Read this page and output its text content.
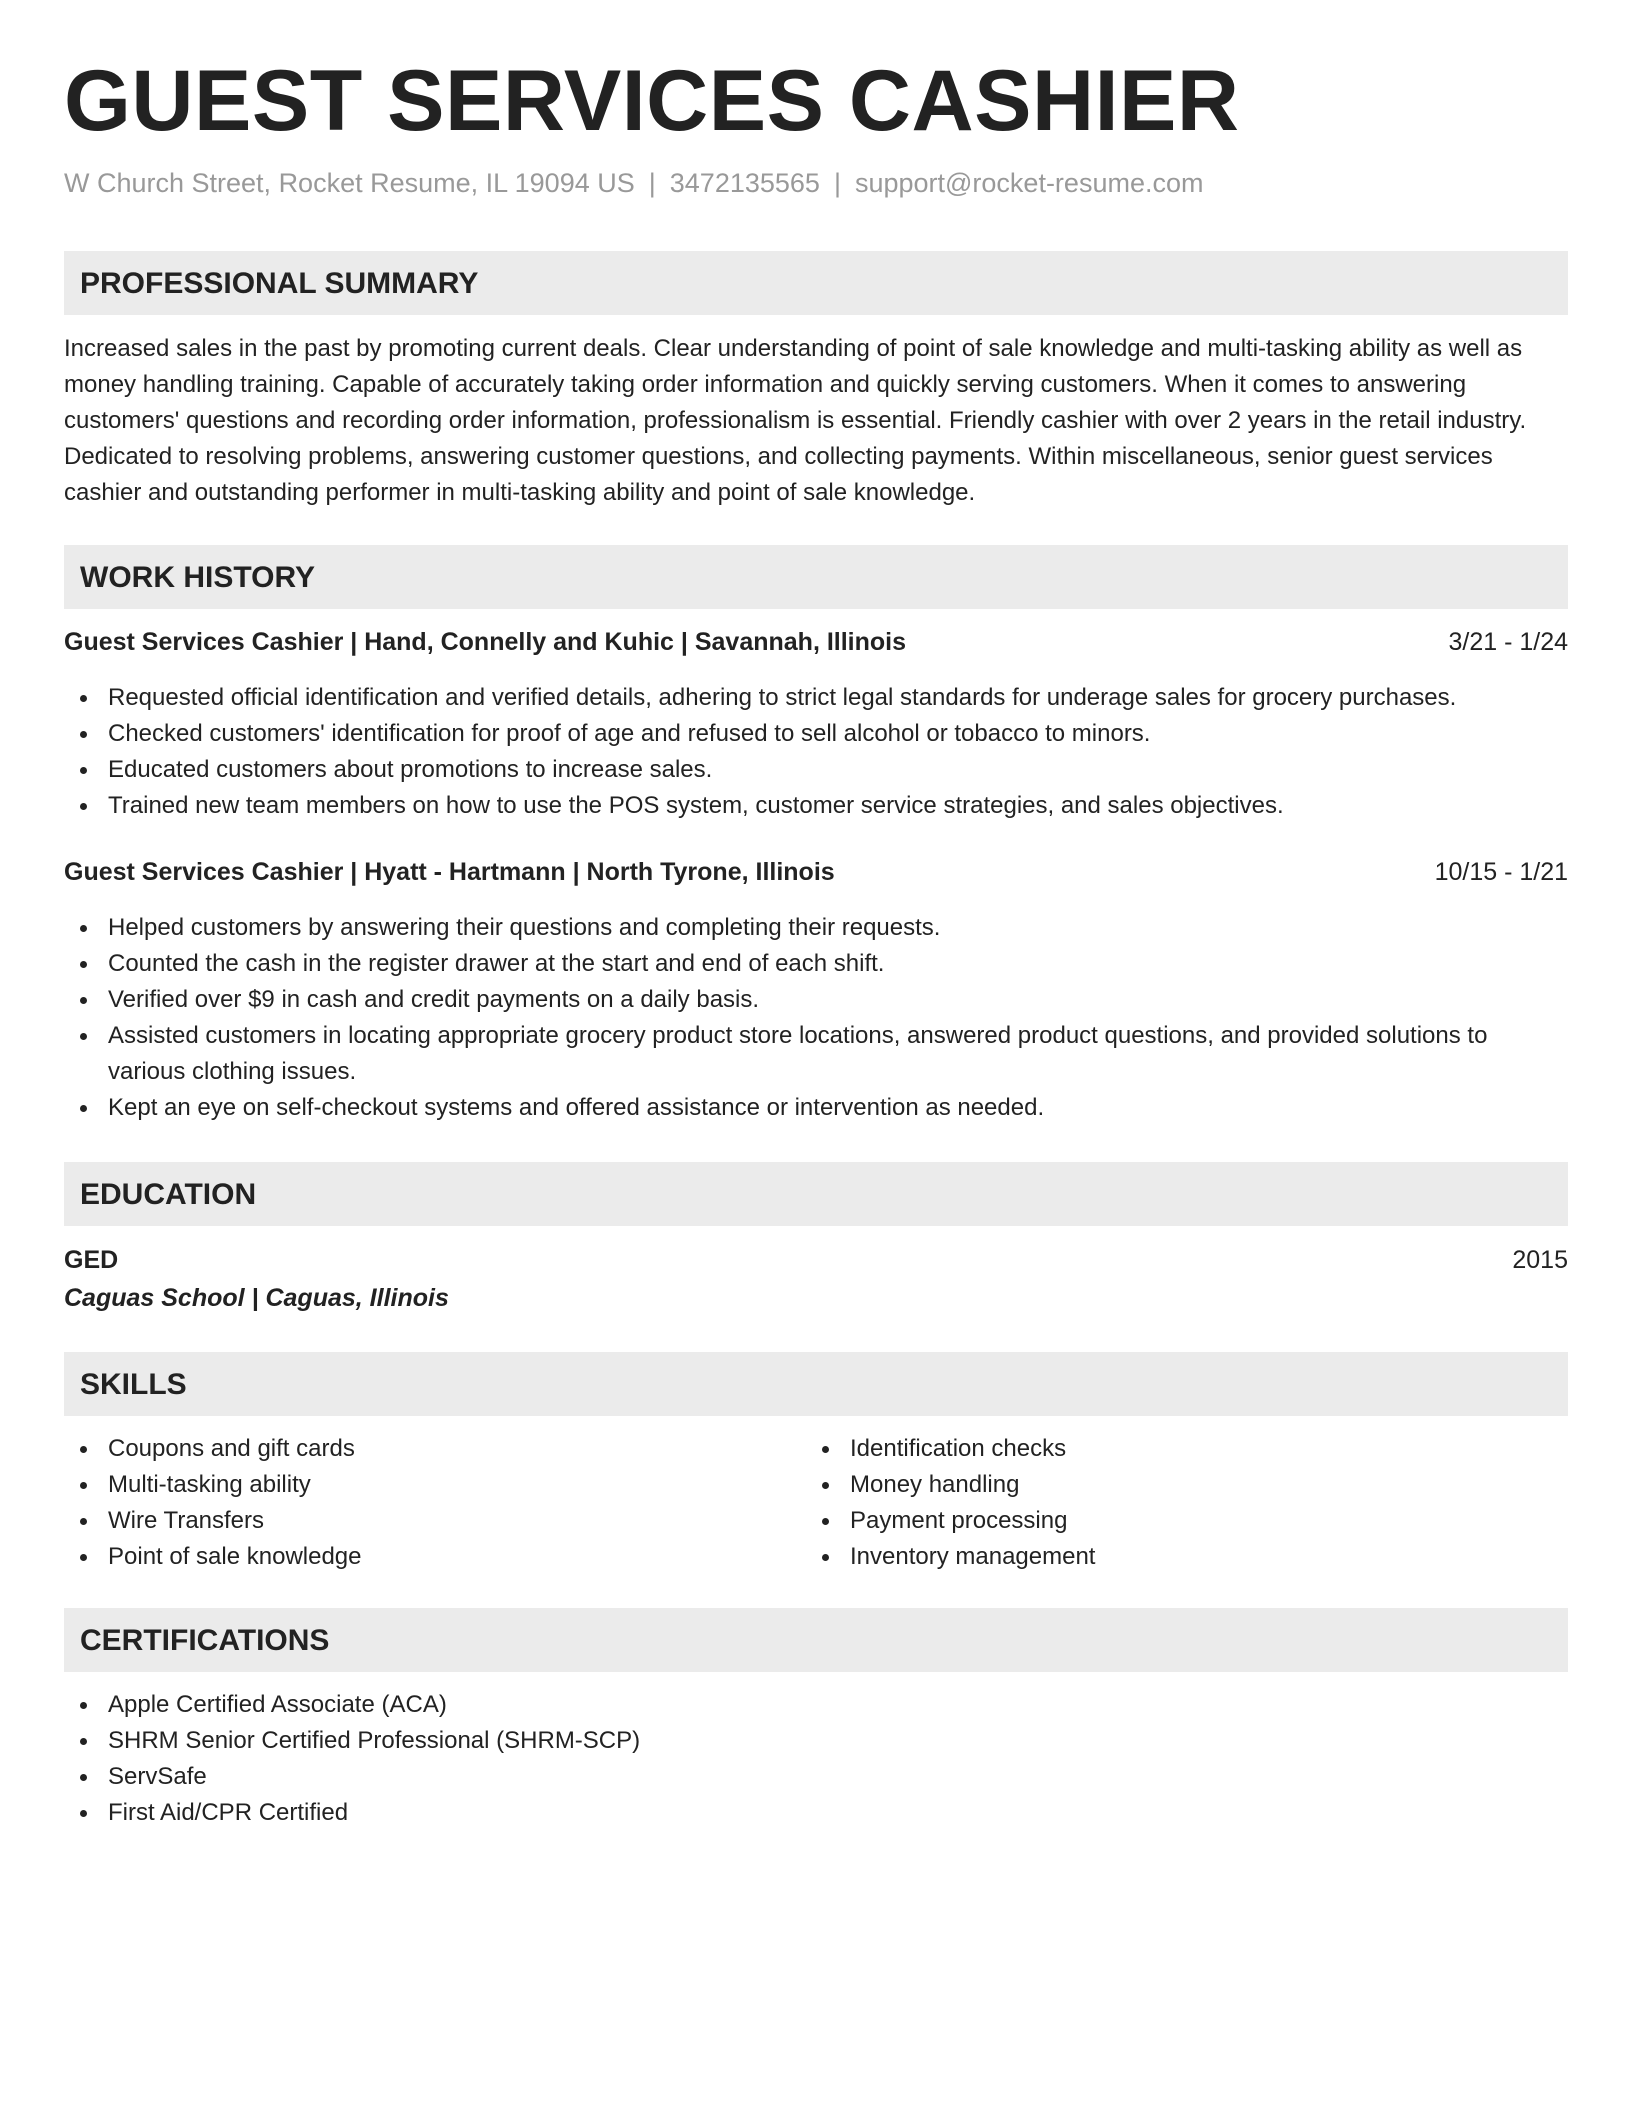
GUEST SERVICES CASHIER
W Church Street, Rocket Resume, IL 19094 US | 3472135565 | support@rocket-resume.com
PROFESSIONAL SUMMARY
Increased sales in the past by promoting current deals. Clear understanding of point of sale knowledge and multi-tasking ability as well as money handling training. Capable of accurately taking order information and quickly serving customers. When it comes to answering customers' questions and recording order information, professionalism is essential. Friendly cashier with over 2 years in the retail industry. Dedicated to resolving problems, answering customer questions, and collecting payments. Within miscellaneous, senior guest services cashier and outstanding performer in multi-tasking ability and point of sale knowledge.
WORK HISTORY
Guest Services Cashier | Hand, Connelly and Kuhic | Savannah, Illinois	3/21 - 1/24
Requested official identification and verified details, adhering to strict legal standards for underage sales for grocery purchases.
Checked customers' identification for proof of age and refused to sell alcohol or tobacco to minors.
Educated customers about promotions to increase sales.
Trained new team members on how to use the POS system, customer service strategies, and sales objectives.
Guest Services Cashier | Hyatt - Hartmann | North Tyrone, Illinois	10/15 - 1/21
Helped customers by answering their questions and completing their requests.
Counted the cash in the register drawer at the start and end of each shift.
Verified over $9 in cash and credit payments on a daily basis.
Assisted customers in locating appropriate grocery product store locations, answered product questions, and provided solutions to various clothing issues.
Kept an eye on self-checkout systems and offered assistance or intervention as needed.
EDUCATION
GED	2015
Caguas School | Caguas, Illinois
SKILLS
Coupons and gift cards
Multi-tasking ability
Wire Transfers
Point of sale knowledge
Identification checks
Money handling
Payment processing
Inventory management
CERTIFICATIONS
Apple Certified Associate (ACA)
SHRM Senior Certified Professional (SHRM-SCP)
ServSafe
First Aid/CPR Certified
